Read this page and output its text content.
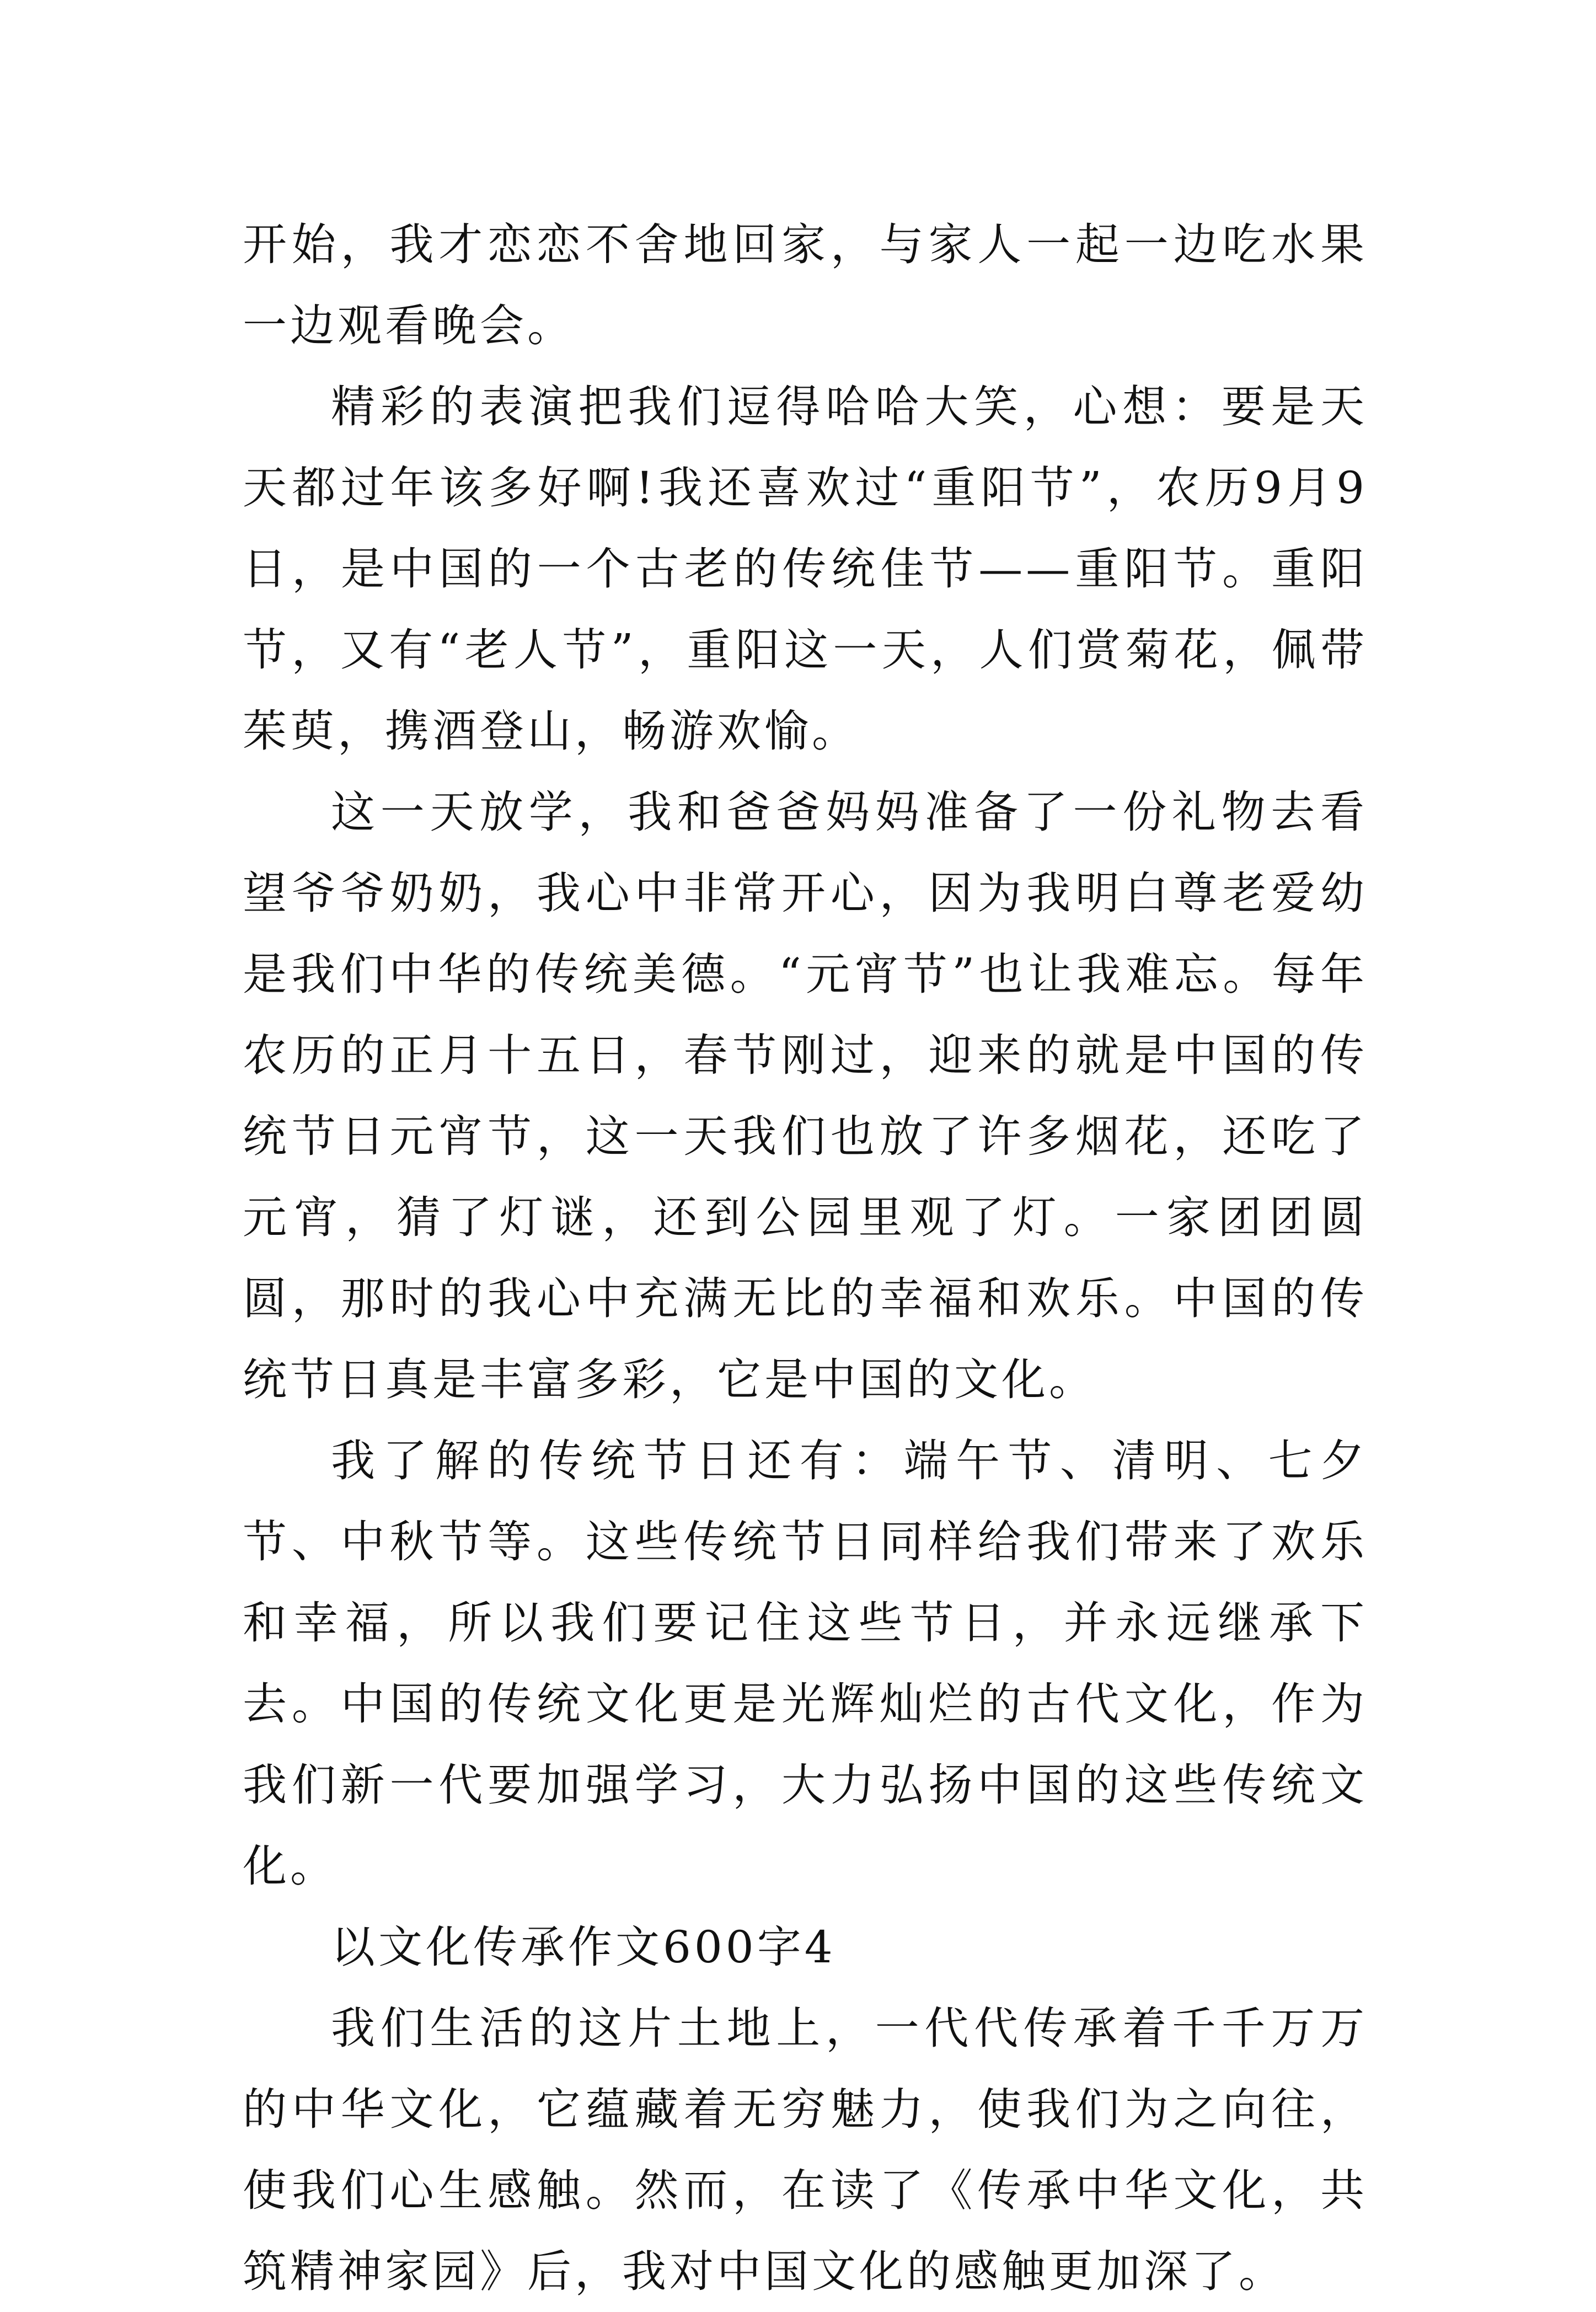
开始，我才恋恋不舍地回家，与家人一起一边吃水果一边观看晚会。

精彩的表演把我们逗得哈哈大笑，心想：要是天天都过年该多好啊!我还喜欢过“重阳节”，农历9月9日，是中国的一个古老的传统佳节——重阳节。重阳节，又有“老人节”，重阳这一天，人们赏菊花，佩带茱萸，携酒登山，畅游欢愉。

这一天放学，我和爸爸妈妈准备了一份礼物去看望爷爷奶奶，我心中非常开心，因为我明白尊老爱幼是我们中华的传统美德。“元宵节”也让我难忘。每年农历的正月十五日，春节刚过，迎来的就是中国的传统节日元宵节，这一天我们也放了许多烟花，还吃了元宵，猜了灯谜，还到公园里观了灯。一家团团圆圆，那时的我心中充满无比的幸福和欢乐。中国的传统节日真是丰富多彩，它是中国的文化。

我了解的传统节日还有：端午节、清明、七夕节、中秋节等。这些传统节日同样给我们带来了欢乐和幸福，所以我们要记住这些节日，并永远继承下去。中国的传统文化更是光辉灿烂的古代文化，作为我们新一代要加强学习，大力弘扬中国的这些传统文化。

以文化传承作文600字4

我们生活的这片土地上，一代代传承着千千万万的中华文化，它蕴藏着无穷魅力，使我们为之向往，使我们心生感触。然而，在读了《传承中华文化，共筑精神家园》后，我对中国文化的感触更加深了。
